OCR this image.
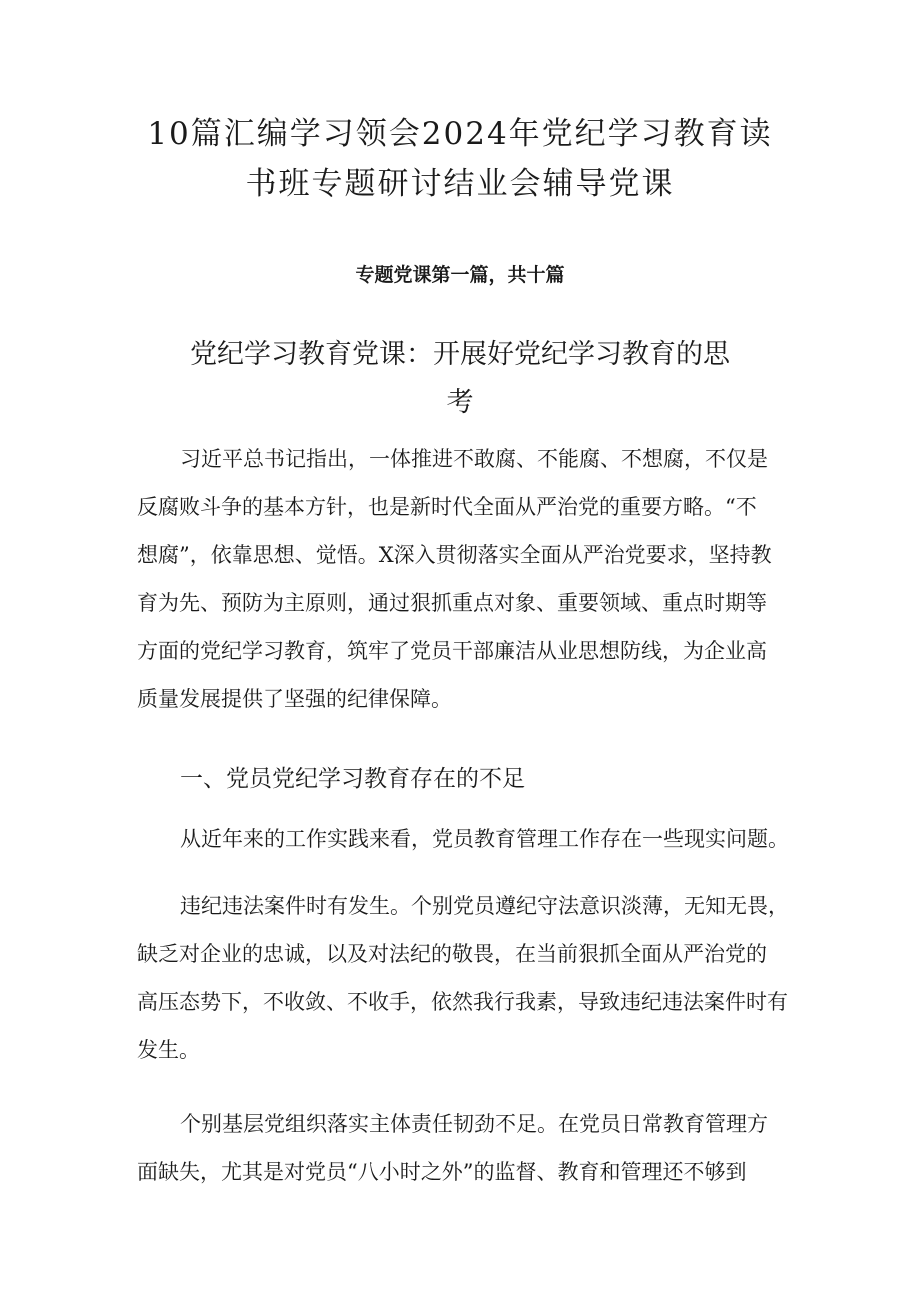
10篇汇编学习领会2024年党纪学习教育读
书班专题研讨结业会辅导党课
专题党课第一篇，共十篇
党纪学习教育党课：开展好党纪学习教育的思
考
习近平总书记指出，一体推进不敢腐、不能腐、不想腐，不仅是
反腐败斗争的基本方针，也是新时代全面从严治党的重要方略。“不
想腐”，依靠思想、觉悟。X深入贯彻落实全面从严治党要求，坚持教
育为先、预防为主原则，通过狠抓重点对象、重要领域、重点时期等
方面的党纪学习教育，筑牢了党员干部廉洁从业思想防线，为企业高
质量发展提供了坚强的纪律保障。
一、党员党纪学习教育存在的不足
从近年来的工作实践来看，党员教育管理工作存在一些现实问题。
违纪违法案件时有发生。个别党员遵纪守法意识淡薄，无知无畏，
缺乏对企业的忠诚，以及对法纪的敬畏，在当前狠抓全面从严治党的
高压态势下，不收敛、不收手，依然我行我素，导致违纪违法案件时有
发生。
个别基层党组织落实主体责任韧劲不足。在党员日常教育管理方
面缺失，尤其是对党员“八小时之外”的监督、教育和管理还不够到
